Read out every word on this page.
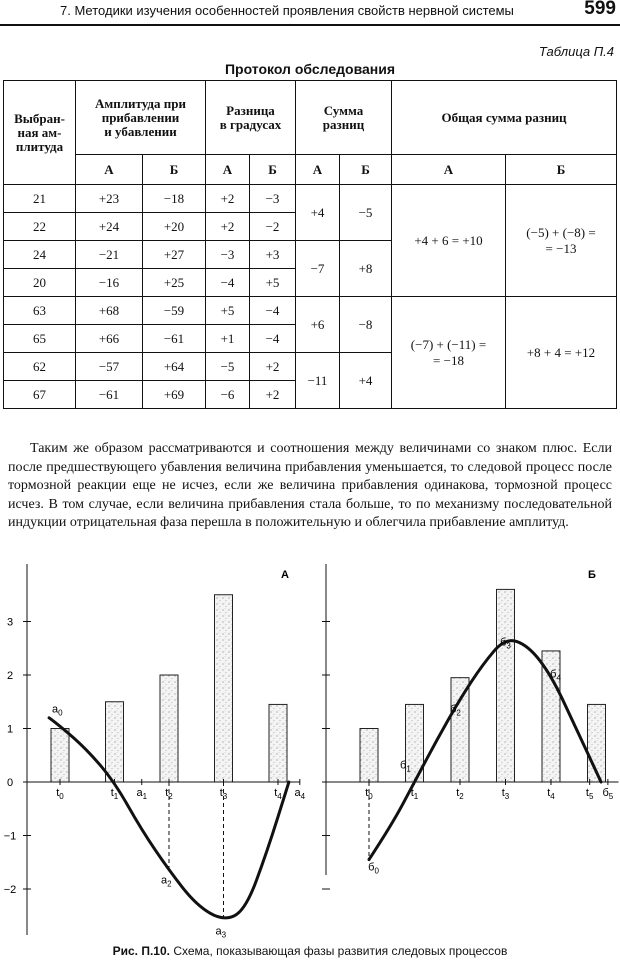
7. Методики изучения особенностей проявления свойств нервной системы	599
Таблица П.4
Протокол обследования
Выбран-
ная ам-
плитуда	Амплитуда при
прибавлении
и убавлении		Разница
в градусах		Сумма
разниц		Общая сумма разниц	
	А	Б	А	Б	А	Б	А	Б
21	+23	−18	+2	−3	+4	−5	+4 + 6 = +10	(−5) + (−8) =
= −13
22	+24	+20	+2	−2				
24	−21	+27	−3	+3	−7	+8		
20	−16	+25	−4	+5				
63	+68	−59	+5	−4	+6	−8	(−7) + (−11) =
= −18	+8 + 4 = +12
65	+66	−61	+1	−4				
62	−57	+64	−5	+2	−11	+4		
67	−61	+69	−6	+2				

Таким же образом рассматриваются и соотношения между величинами со знаком плюс. Если после предшествующего убавления величина прибавления уменьшается, то следовой процесс после тормозной реакции еще не исчез, если же величина прибавления одинакова, тормозной процесс исчез. В том случае, если величина прибавления стала больше, то по механизму последовательной индукции отрицательная фаза перешла в положительную и облегчила прибавление амплитуд.

А
3
2
1
0
−1
−2
$t_0$	$t_1$ $a_1$ $t_2$	$t_3$	$t_4$ $a_4$
$a_0$
$a_2$
$a_3$
Б
$t_0$	$t_1$	$t_2$	$t_3$	$t_4$	$t_5$ $б_5$
$б_0$
$б_1$
$б_2$
$б_3$
$б_4$
Рис. П.10. Схема, показывающая фазы развития следовых процессов
